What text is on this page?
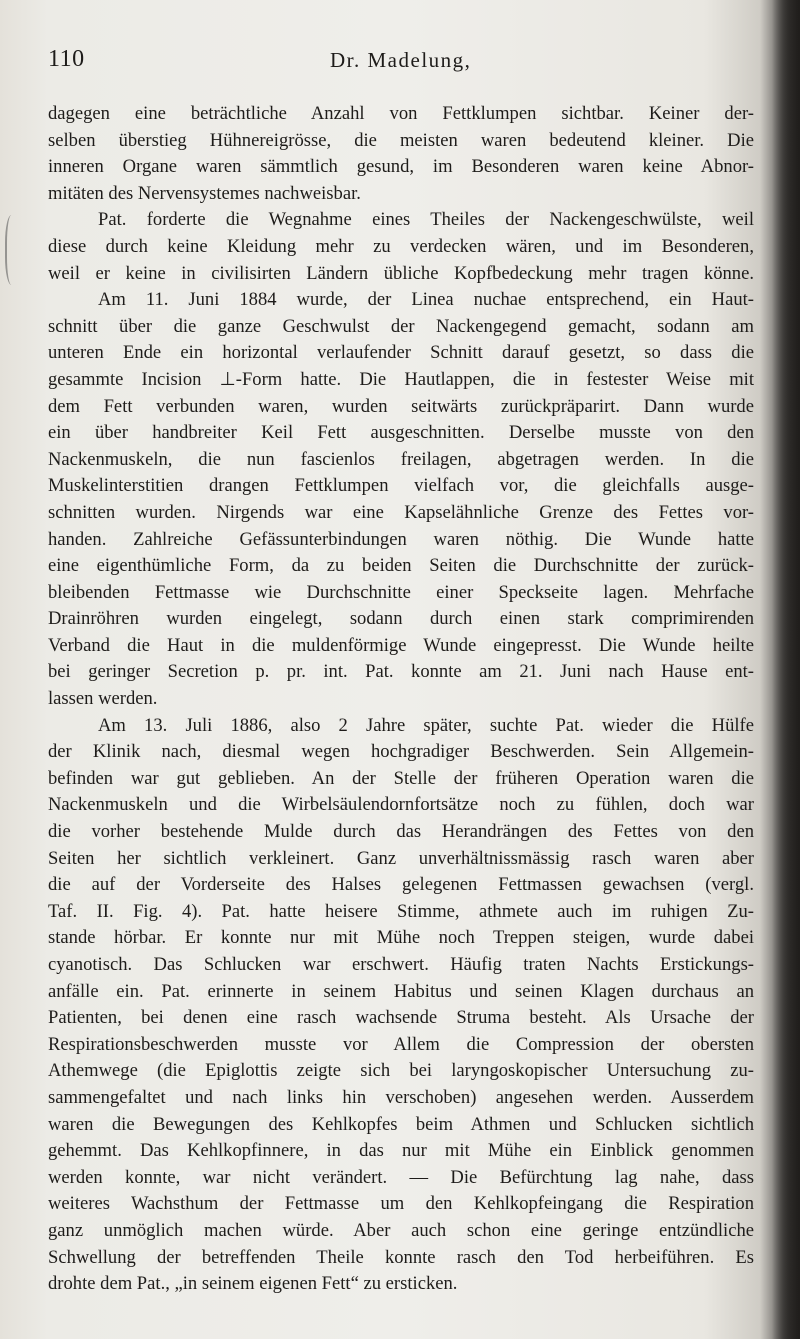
110	Dr. Madelung,
dagegen eine beträchtliche Anzahl von Fettklumpen sichtbar. Keiner der-
selben überstieg Hühnereigrösse, die meisten waren bedeutend kleiner. Die
inneren Organe waren sämmtlich gesund, im Besonderen waren keine Abnor-
mitäten des Nervensystemes nachweisbar.
Pat. forderte die Wegnahme eines Theiles der Nackengeschwülste, weil
diese durch keine Kleidung mehr zu verdecken wären, und im Besonderen,
weil er keine in civilisirten Ländern übliche Kopfbedeckung mehr tragen könne.
Am 11. Juni 1884 wurde, der Linea nuchae entsprechend, ein Haut-
schnitt über die ganze Geschwulst der Nackengegend gemacht, sodann am
unteren Ende ein horizontal verlaufender Schnitt darauf gesetzt, so dass die
gesammte Incision ⊥-Form hatte. Die Hautlappen, die in festester Weise mit
dem Fett verbunden waren, wurden seitwärts zurückpräparirt. Dann wurde
ein über handbreiter Keil Fett ausgeschnitten. Derselbe musste von den
Nackenmuskeln, die nun fascienlos freilagen, abgetragen werden. In die
Muskelinterstitien drangen Fettklumpen vielfach vor, die gleichfalls ausge-
schnitten wurden. Nirgends war eine Kapselähnliche Grenze des Fettes vor-
handen. Zahlreiche Gefässunterbindungen waren nöthig. Die Wunde hatte
eine eigenthümliche Form, da zu beiden Seiten die Durchschnitte der zurück-
bleibenden Fettmasse wie Durchschnitte einer Speckseite lagen. Mehrfache
Drainröhren wurden eingelegt, sodann durch einen stark comprimirenden
Verband die Haut in die muldenförmige Wunde eingepresst. Die Wunde heilte
bei geringer Secretion p. pr. int. Pat. konnte am 21. Juni nach Hause ent-
lassen werden.
Am 13. Juli 1886, also 2 Jahre später, suchte Pat. wieder die Hülfe
der Klinik nach, diesmal wegen hochgradiger Beschwerden. Sein Allgemein-
befinden war gut geblieben. An der Stelle der früheren Operation waren die
Nackenmuskeln und die Wirbelsäulendornfortsätze noch zu fühlen, doch war
die vorher bestehende Mulde durch das Herandrängen des Fettes von den
Seiten her sichtlich verkleinert. Ganz unverhältnissmässig rasch waren aber
die auf der Vorderseite des Halses gelegenen Fettmassen gewachsen (vergl.
Taf. II. Fig. 4). Pat. hatte heisere Stimme, athmete auch im ruhigen Zu-
stande hörbar. Er konnte nur mit Mühe noch Treppen steigen, wurde dabei
cyanotisch. Das Schlucken war erschwert. Häufig traten Nachts Erstickungs-
anfälle ein. Pat. erinnerte in seinem Habitus und seinen Klagen durchaus an
Patienten, bei denen eine rasch wachsende Struma besteht. Als Ursache der
Respirationsbeschwerden musste vor Allem die Compression der obersten
Athemwege (die Epiglottis zeigte sich bei laryngoskopischer Untersuchung zu-
sammengefaltet und nach links hin verschoben) angesehen werden. Ausserdem
waren die Bewegungen des Kehlkopfes beim Athmen und Schlucken sichtlich
gehemmt. Das Kehlkopfinnere, in das nur mit Mühe ein Einblick genommen
werden konnte, war nicht verändert. — Die Befürchtung lag nahe, dass
weiteres Wachsthum der Fettmasse um den Kehlkopfeingang die Respiration
ganz unmöglich machen würde. Aber auch schon eine geringe entzündliche
Schwellung der betreffenden Theile konnte rasch den Tod herbeiführen. Es
drohte dem Pat., „in seinem eigenen Fett“ zu ersticken.
